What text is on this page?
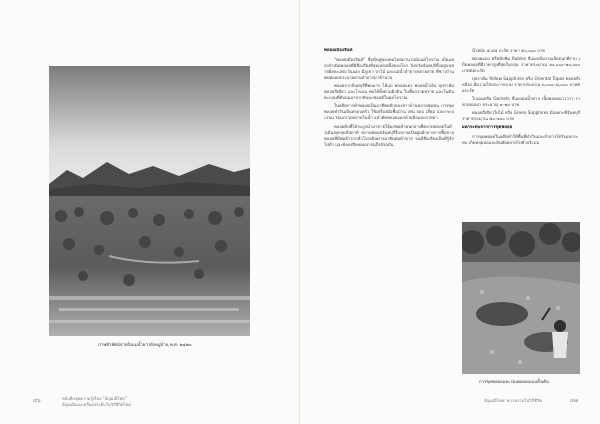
ภาพทิวทัศน์จากฝั่งแม่น้ำยาวยังหมู่บ้าน พ.ศ. ๒๔๗๐
๔๖	หนังสือชุดความรู้เรื่อง “อัญมณีไทย”
อัญมณีและเครื่องประดับในวิถีชีวิตไทย

พลอยเมืองจันท์

“พลอยเมืองจันท์” ชื่อคุ้นหูของคนไทยมานานนับแต่โบราณ เป็นแหล่งกำเนิดพลอยที่มีชื่อเสียงที่สุดแห่งหนึ่งของโลก จังหวัดจันทบุรีตั้งอยู่บนชายฝั่งทะเลตะวันออก มีภูเขา ป่าไม้ และแม่น้ำลำธารหลายสาย ที่ชาวบ้านพบพลอยกระจายตามลำธารมาช้านาน

พลอยจากจันทบุรีที่พบมาก ได้แก่ พลอยแดง พลอยน้ำเงิน บุษราคัม พลอยสีเขียว และโกเมน พบได้ทั้งตามผิวดิน ในชั้นกรวดทราย และในดินตะกอนที่ทับถมมาจากหินบะซอลต์ในยุคโบราณ

ในอดีตการทำพลอยเป็นอาชีพหลักของชาวบ้านหลายชุมชน การขุดพลอยทำกันเป็นครอบครัว ใช้เครื่องมือพื้นบ้าน เช่น จอบ เสียม และกระบะร่อน ร่อนกรวดทรายในน้ำ แล้วคัดพลอยออกด้วยมือและสายตา

พลอยดิบที่ได้จะถูกนำมาขายให้แก่พ่อค้าคนกลางที่ตลาดพลอยในตัวเมืองทุกสุดสัปดาห์ ตลาดพลอยจันทบุรีจึงกลายเป็นศูนย์กลางการซื้อขายพลอยที่มีพ่อค้าจากทั่วโลกเดินทางมาติดต่อค้าขาย จนมีชื่อเสียงเป็นที่รู้จักไปทั่ว และยังคงสืบทอดมาจนถึงปัจจุบัน

น้ำหนัก ๕.๔๕ กะรัต ราคา ๕๐,๐๐๐ บาท

พลอยแดง หรือทับทิม Rubies สีแดงเข้มงามเลือดนกพิราบ เป็นพลอยที่มีราคาสูงที่สุดในกลุ่ม ราคาประมาณ ๑๐,๐๐๐–๒๐,๐๐๐ บาทต่อกะรัต

บุษราคัม Yellow Sapphires หรือ Oriental Topaz พลอยสีเหลือง มีความใสประกายงาม ราคาประมาณ ๓,๐๐๐–๘,๐๐๐ บาทต่อกะรัต

โกเมนหรือ Garnets สีแดงอมน้ำตาล เนื้อพลอยแวววาว ราคาย่อมเยา ประมาณ ๑–๒๐ บาท

พลอยสีเขียวใบไม้ หรือ Green Sapphires มีเฉพาะที่จันทบุรี ราคาประมาณ ๕๐–๑๐๐ บาท

ผลกระทบจากการขุดพลอย

การขุดพลอยในอดีตทำให้พื้นที่ทำกินและลำธารได้รับผลกระทบ เกิดหลุมบ่อและดินพังทลายไปทั่วบริเวณ

การขุดพลอยและร่อนพลอยแบบดั้งเดิม
อัญมณีไทย: ความงามในวิถีชีวิต	๔๗
